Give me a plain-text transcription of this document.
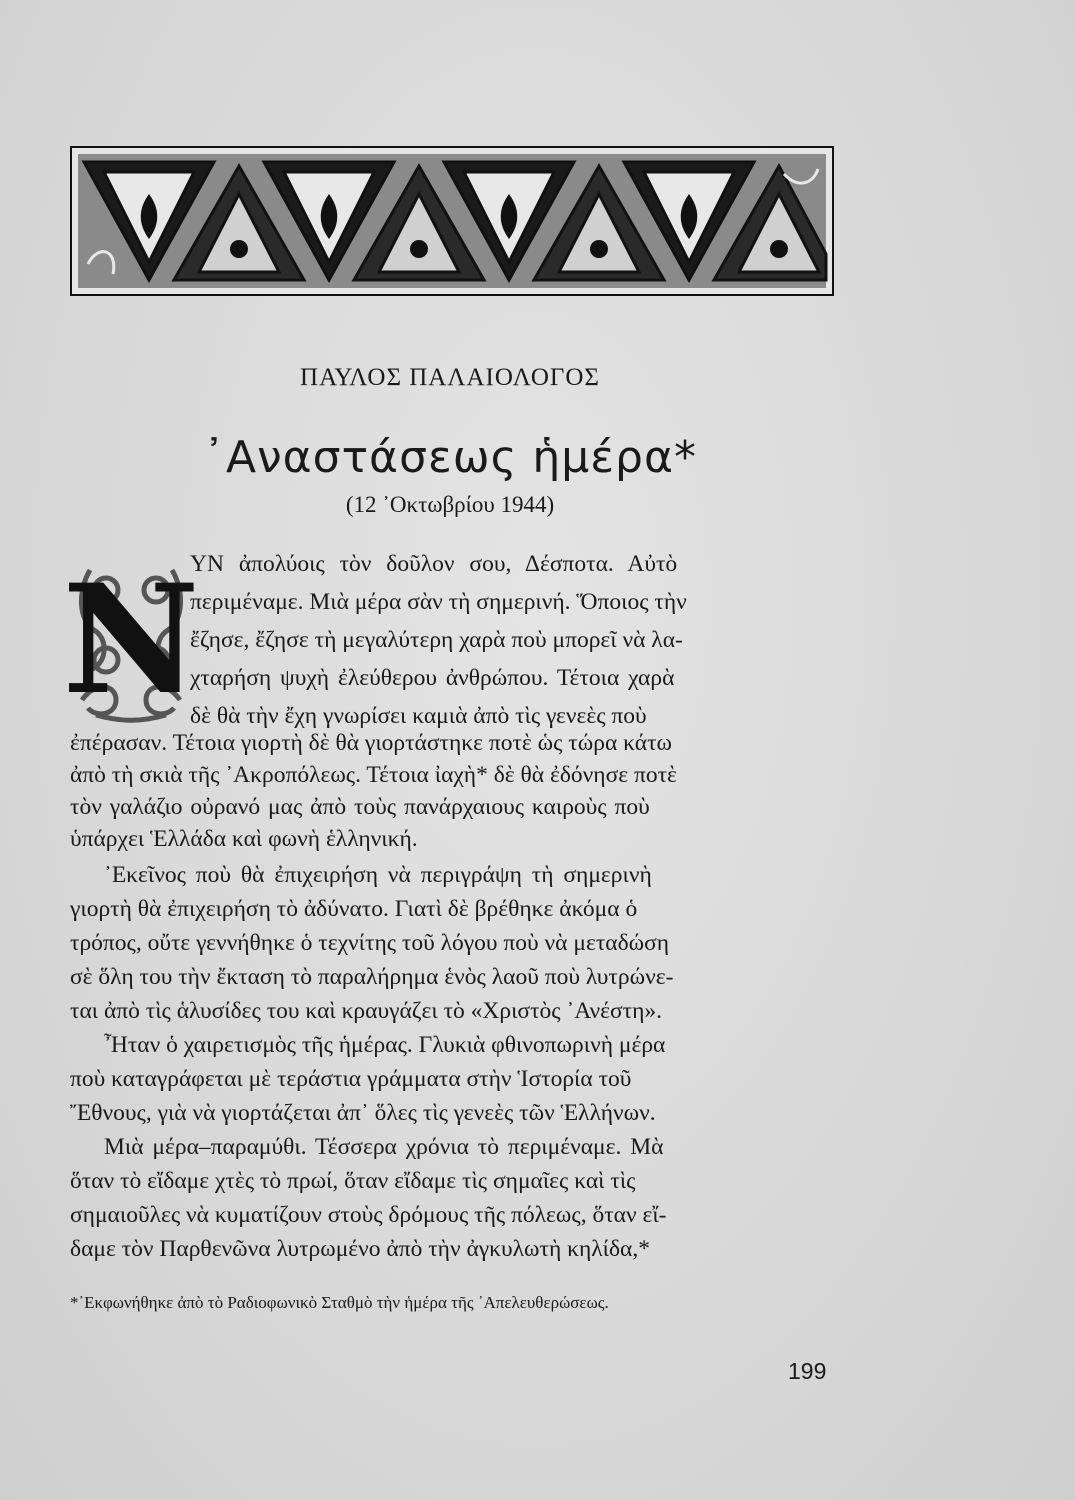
ΠΑΥΛΟΣ ΠΑΛΑΙΟΛΟΓΟΣ
᾿Αναστάσεως ἡμέρα*
(12 ᾿Οκτωβρίου 1944)
Ν
ΥΝ ἀπολύοις τὸν δοῦλον σου, Δέσποτα. Αὐτὸ
περιμέναμε. Μιὰ μέρα σὰν τὴ σημερινή. Ὅποιος τὴν
ἔζησε, ἔζησε τὴ μεγαλύτερη χαρὰ ποὺ μπορεῖ νὰ λα-
χταρήση ψυχὴ ἐλεύθερου ἀνθρώπου. Τέτοια χαρὰ
δὲ θὰ τὴν ἔχη γνωρίσει καμιὰ ἀπὸ τὶς γενεὲς ποὺ
ἐπέρασαν. Τέτοια γιορτὴ δὲ θὰ γιορτάστηκε ποτὲ ὡς τώρα κάτω
ἀπὸ τὴ σκιὰ τῆς ᾿Ακροπόλεως. Τέτοια ἰαχὴ* δὲ θὰ ἐδόνησε ποτὲ
τὸν γαλάζιο οὐρανό μας ἀπὸ τοὺς πανάρχαιους καιροὺς ποὺ
ὑπάρχει Ἑλλάδα καὶ φωνὴ ἑλληνική.
᾿Εκεῖνος ποὺ θὰ ἐπιχειρήση νὰ περιγράψη τὴ σημερινὴ
γιορτὴ θὰ ἐπιχειρήση τὸ ἀδύνατο. Γιατὶ δὲ βρέθηκε ἀκόμα ὁ
τρόπος, οὔτε γεννήθηκε ὁ τεχνίτης τοῦ λόγου ποὺ νὰ μεταδώση
σὲ ὅλη του τὴν ἔκταση τὸ παραλήρημα ἑνὸς λαοῦ ποὺ λυτρώνε-
ται ἀπὸ τὶς ἁλυσίδες του καὶ κραυγάζει τὸ «Χριστὸς ᾿Ανέστη».
Ἦταν ὁ χαιρετισμὸς τῆς ἡμέρας. Γλυκιὰ φθινοπωρινὴ μέρα
ποὺ καταγράφεται μὲ τεράστια γράμματα στὴν Ἱστορία τοῦ
Ἔθνους, γιὰ νὰ γιορτάζεται ἀπ᾿ ὅλες τὶς γενεὲς τῶν Ἑλλήνων.
Μιὰ μέρα–παραμύθι. Τέσσερα χρόνια τὸ περιμέναμε. Μὰ
ὅταν τὸ εἴδαμε χτὲς τὸ πρωί, ὅταν εἴδαμε τὶς σημαῖες καὶ τὶς
σημαιοῦλες νὰ κυματίζουν στοὺς δρόμους τῆς πόλεως, ὅταν εἴ-
δαμε τὸν Παρθενῶνα λυτρωμένο ἀπὸ τὴν ἀγκυλωτὴ κηλίδα,*
*᾿Εκφωνήθηκε ἀπὸ τὸ Ραδιοφωνικὸ Σταθμὸ τὴν ἡμέρα τῆς ᾿Απελευθερώσεως.
199
